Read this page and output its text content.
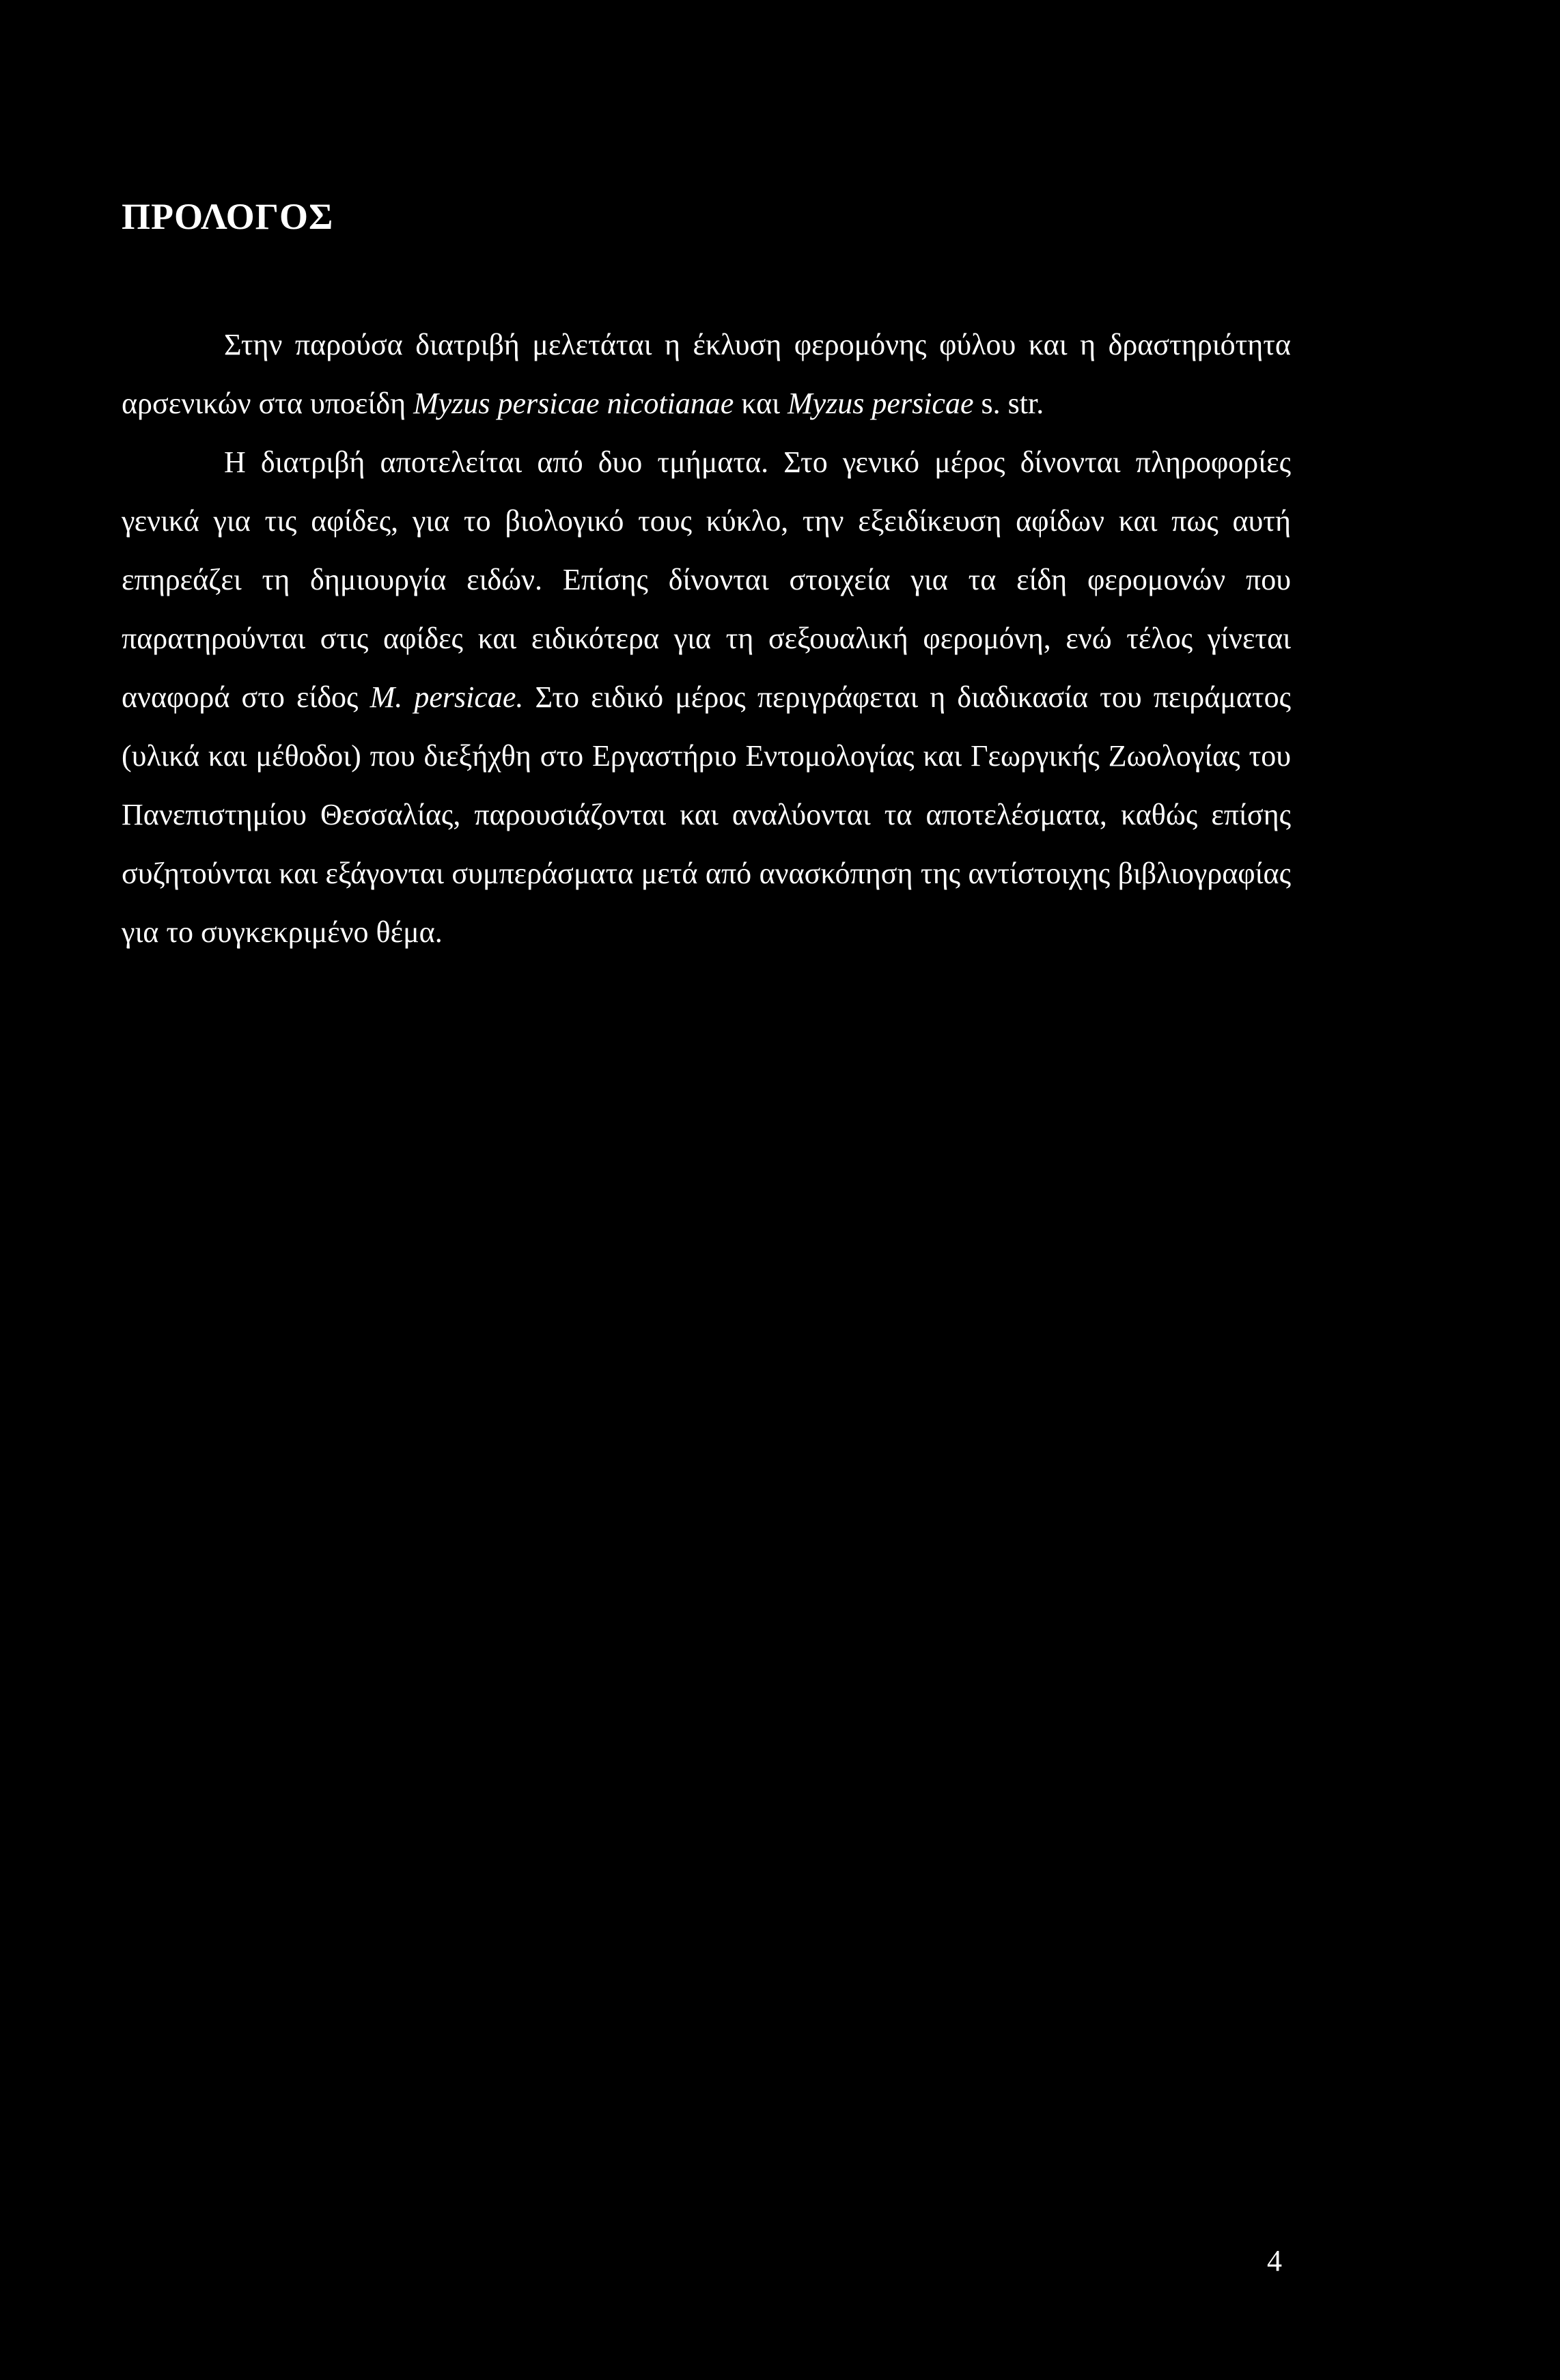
ΠΡΟΛΟΓΟΣ

Στην παρούσα διατριβή μελετάται η έκλυση φερομόνης φύλου και η δραστηριότητα αρσενικών στα υποείδη Myzus persicae nicotianae και Myzus persicae s. str.

Η διατριβή αποτελείται από δυο τμήματα. Στο γενικό μέρος δίνονται πληροφορίες γενικά για τις αφίδες, για το βιολογικό τους κύκλο, την εξειδίκευση αφίδων και πως αυτή επηρεάζει τη δημιουργία ειδών. Επίσης δίνονται στοιχεία για τα είδη φερομονών που παρατηρούνται στις αφίδες και ειδικότερα για τη σεξουαλική φερομόνη, ενώ τέλος γίνεται αναφορά στο είδος M. persicae. Στο ειδικό μέρος περιγράφεται η διαδικασία του πειράματος (υλικά και μέθοδοι) που διεξήχθη στο Εργαστήριο Εντομολογίας και Γεωργικής Ζωολογίας του Πανεπιστημίου Θεσσαλίας, παρουσιάζονται και αναλύονται τα αποτελέσματα, καθώς επίσης συζητούνται και εξάγονται συμπεράσματα μετά από ανασκόπηση της αντίστοιχης βιβλιογραφίας για το συγκεκριμένο θέμα.

4
